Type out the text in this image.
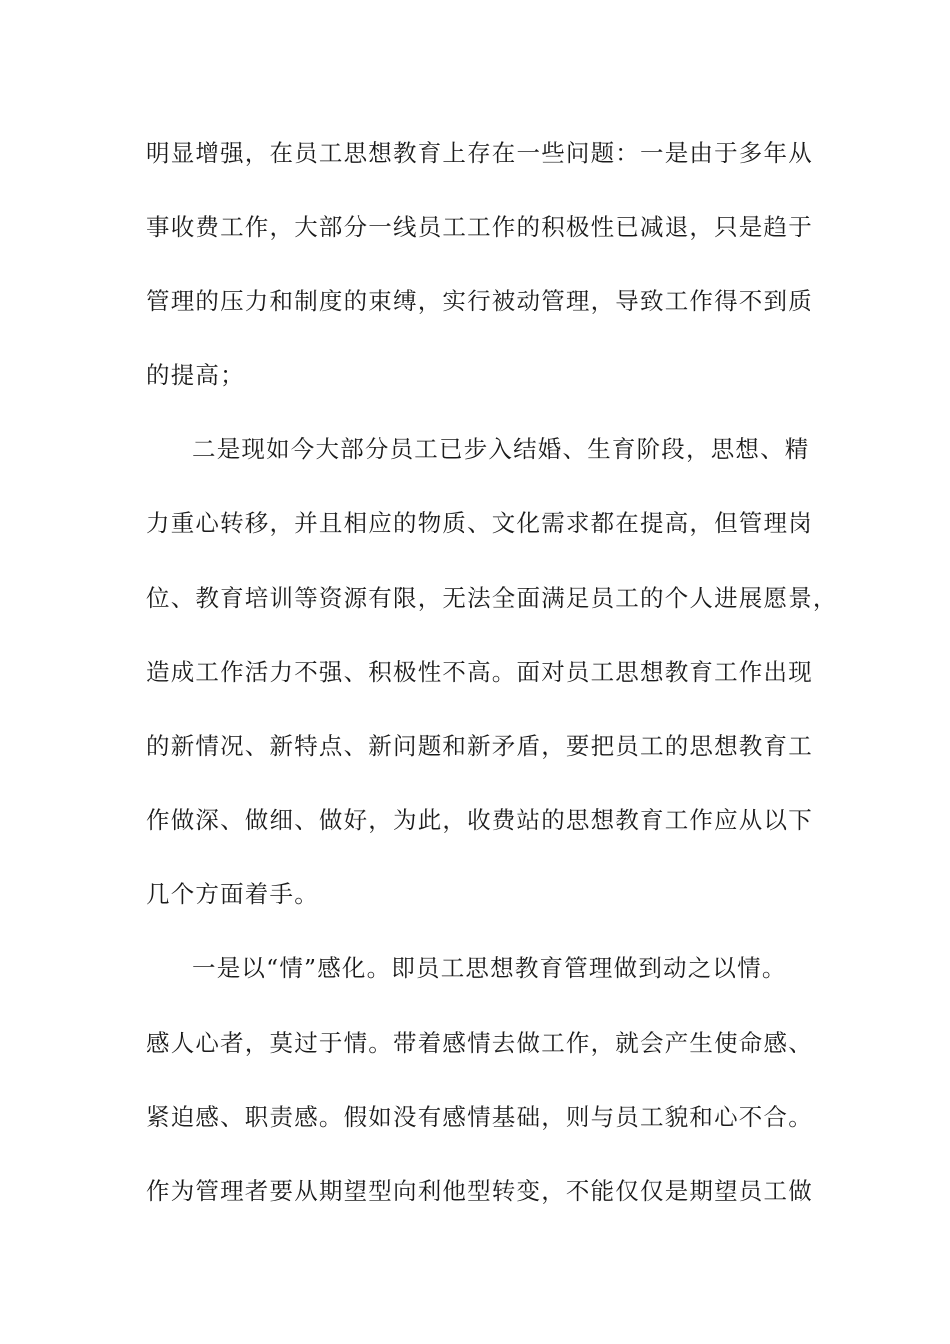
明显增强，在员工思想教育上存在一些问题：一是由于多年从
事收费工作，大部分一线员工工作的积极性已减退，只是趋于
管理的压力和制度的束缚，实行被动管理，导致工作得不到质
的提高；
二是现如今大部分员工已步入结婚、生育阶段，思想、精
力重心转移，并且相应的物质、文化需求都在提高，但管理岗
位、教育培训等资源有限，无法全面满足员工的个人进展愿景，
造成工作活力不强、积极性不高。面对员工思想教育工作出现
的新情况、新特点、新问题和新矛盾，要把员工的思想教育工
作做深、做细、做好，为此，收费站的思想教育工作应从以下
几个方面着手。
一是以“情”感化。即员工思想教育管理做到动之以情。
感人心者，莫过于情。带着感情去做工作，就会产生使命感、
紧迫感、职责感。假如没有感情基础，则与员工貌和心不合。
作为管理者要从期望型向利他型转变，不能仅仅是期望员工做
